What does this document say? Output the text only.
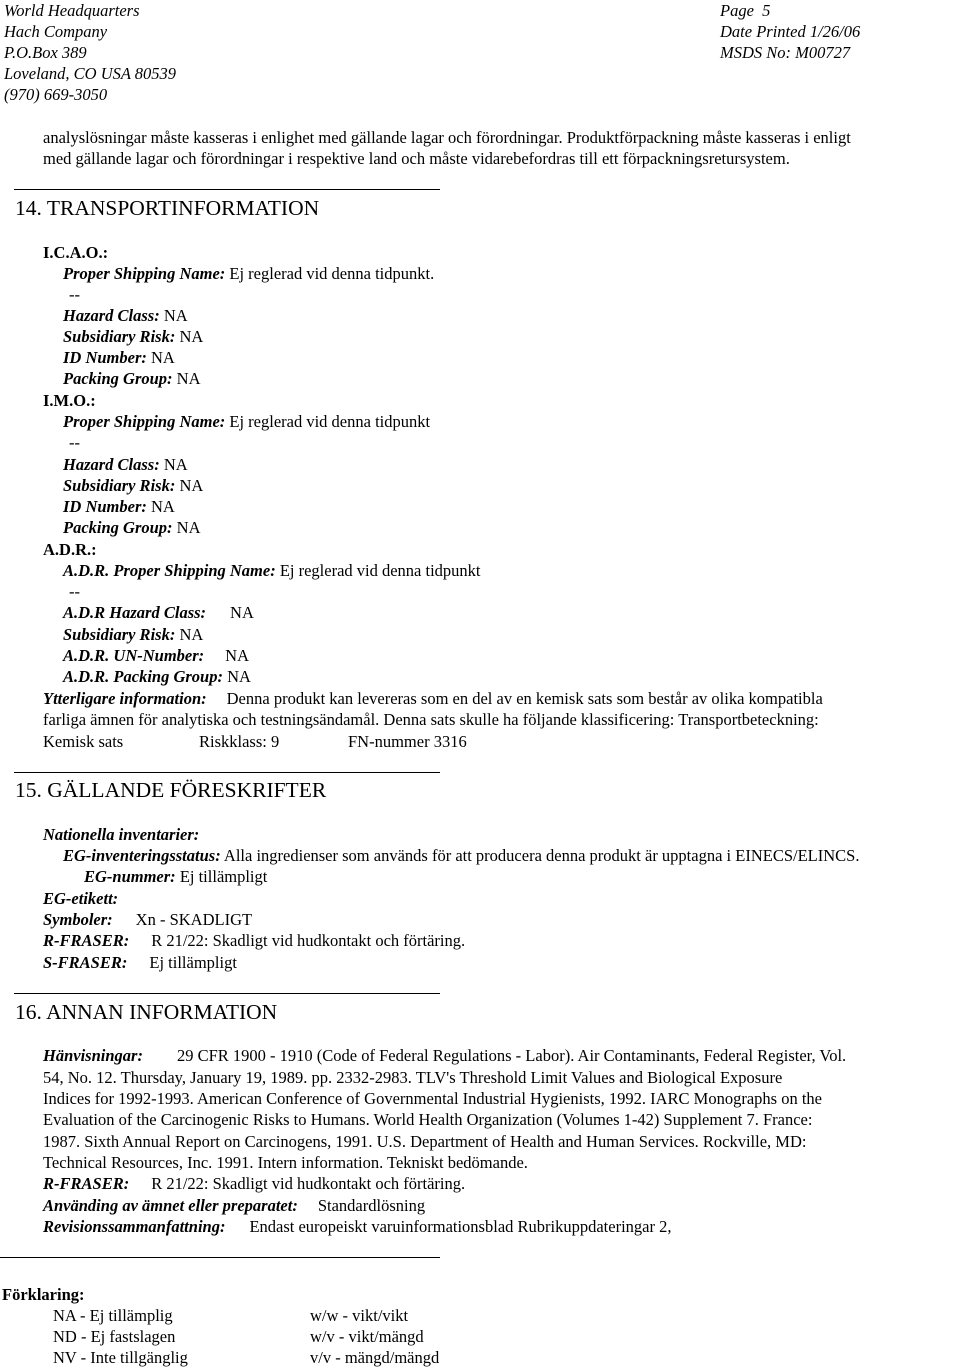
World Headquarters
Hach Company
P.O.Box 389
Loveland, CO USA 80539
(970) 669-3050
Page 5
Date Printed 1/26/06
MSDS No: M00727
analyslösningar måste kasseras i enlighet med gällande lagar och förordningar. Produktförpackning måste kasseras i enligt
med gällande lagar och förordningar i respektive land och måste vidarebefordras till ett förpackningsretursystem.
14. TRANSPORTINFORMATION
I.C.A.O.:
Proper Shipping Name: Ej reglerad vid denna tidpunkt.
--
Hazard Class: NA
Subsidiary Risk: NA
ID Number: NA
Packing Group: NA
I.M.O.:
Proper Shipping Name: Ej reglerad vid denna tidpunkt
--
Hazard Class: NA
Subsidiary Risk: NA
ID Number: NA
Packing Group: NA
A.D.R.:
A.D.R. Proper Shipping Name: Ej reglerad vid denna tidpunkt
--
A.D.R Hazard Class: NA
Subsidiary Risk: NA
A.D.R. UN-Number: NA
A.D.R. Packing Group: NA
Ytterligare information: Denna produkt kan levereras som en del av en kemisk sats som består av olika kompatibla
farliga ämnen för analytiska och testningsändamål. Denna sats skulle ha följande klassificering: Transportbeteckning:
Kemisk sats	Riskklass: 9	FN-nummer 3316
15. GÄLLANDE FÖRESKRIFTER
Nationella inventarier:
EG-inventeringsstatus: Alla ingredienser som används för att producera denna produkt är upptagna i EINECS/ELINCS.
EG-nummer: Ej tillämpligt
EG-etikett:
Symboler: Xn - SKADLIGT
R-FRASER: R 21/22: Skadligt vid hudkontakt och förtäring.
S-FRASER: Ej tillämpligt
16. ANNAN INFORMATION
Hänvisningar: 29 CFR 1900 - 1910 (Code of Federal Regulations - Labor). Air Contaminants, Federal Register, Vol.
54, No. 12. Thursday, January 19, 1989. pp. 2332-2983. TLV's Threshold Limit Values and Biological Exposure
Indices for 1992-1993. American Conference of Governmental Industrial Hygienists, 1992. IARC Monographs on the
Evaluation of the Carcinogenic Risks to Humans. World Health Organization (Volumes 1-42) Supplement 7. France:
1987. Sixth Annual Report on Carcinogens, 1991. U.S. Department of Health and Human Services. Rockville, MD:
Technical Resources, Inc. 1991. Intern information. Tekniskt bedömande.
R-FRASER: R 21/22: Skadligt vid hudkontakt och förtäring.
Använding av ämnet eller preparatet: Standardlösning
Revisionssammanfattning: Endast europeiskt varuinformationsblad Rubrikuppdateringar 2,
Förklaring:
NA - Ej tillämplig
ND - Ej fastslagen
NV - Inte tillgänglig
w/w - vikt/vikt
w/v - vikt/mängd
v/v - mängd/mängd
